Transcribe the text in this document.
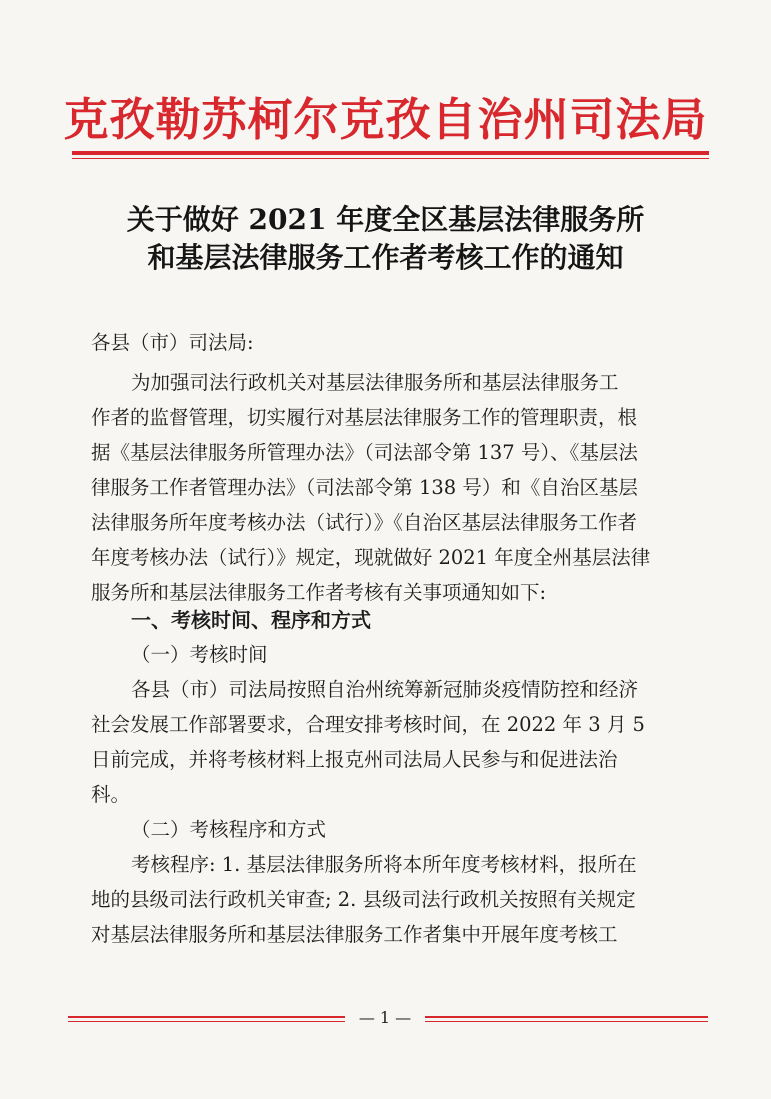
克孜勒苏柯尔克孜自治州司法局
关于做好 2021 年度全区基层法律服务所
和基层法律服务工作者考核工作的通知
各县（市）司法局:
为加强司法行政机关对基层法律服务所和基层法律服务工
作者的监督管理，切实履行对基层法律服务工作的管理职责，根
据《基层法律服务所管理办法》（司法部令第 137 号）、《基层法
律服务工作者管理办法》（司法部令第 138 号）和《自治区基层
法律服务所年度考核办法（试行）》《自治区基层法律服务工作者
年度考核办法（试行）》规定，现就做好 2021 年度全州基层法律
服务所和基层法律服务工作者考核有关事项通知如下:
一、考核时间、程序和方式
（一）考核时间
各县（市）司法局按照自治州统筹新冠肺炎疫情防控和经济
社会发展工作部署要求，合理安排考核时间，在 2022 年 3 月 5
日前完成，并将考核材料上报克州司法局人民参与和促进法治
科。
（二）考核程序和方式
考核程序: 1. 基层法律服务所将本所年度考核材料，报所在
地的县级司法行政机关审查; 2. 县级司法行政机关按照有关规定
对基层法律服务所和基层法律服务工作者集中开展年度考核工
— 1 —
